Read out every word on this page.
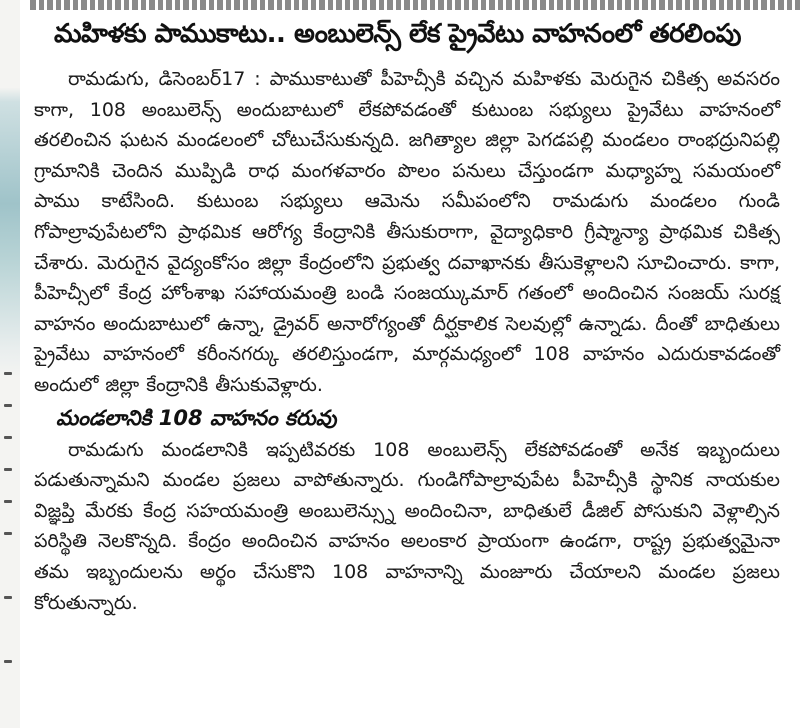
మహిళకు పాముకాటు.. అంబులెన్స్ లేక ప్రైవేటు వాహనంలో తరలింపు

రామడుగు, డిసెంబర్17 : పాముకాటుతో పీహెచ్సీకి వచ్చిన మహిళకు మెరుగైన చికిత్స అవసరం కాగా, 108 అంబులెన్స్ అందుబాటులో లేకపోవడంతో కుటుంబ సభ్యులు ప్రైవేటు వాహనంలో తరలించిన ఘటన మండలంలో చోటుచేసుకున్నది. జగిత్యాల జిల్లా పెగడపల్లి మండలం రాంభద్రునిపల్లి గ్రామానికి చెందిన ముప్పిడి రాధ మంగళవారం పొలం పనులు చేస్తుండగా మధ్యాహ్న సమయంలో పాము కాటేసింది. కుటుంబ సభ్యులు ఆమెను సమీపంలోని రామడుగు మండలం గుండి గోపాల్రావుపేటలోని ప్రాథమిక ఆరోగ్య కేంద్రానికి తీసుకురాగా, వైద్యాధికారి గ్రీష్మాన్యా ప్రాథమిక చికిత్స చేశారు. మెరుగైన వైద్యంకోసం జిల్లా కేంద్రంలోని ప్రభుత్వ దవాఖానకు తీసుకెళ్లాలని సూచించారు. కాగా, పీహెచ్సీలో కేంద్ర హోంశాఖ సహాయమంత్రి బండి సంజయ్కుమార్ గతంలో అందించిన సంజయ్ సురక్ష వాహనం అందుబాటులో ఉన్నా, డ్రైవర్ అనారోగ్యంతో దీర్ఘకాలిక సెలవుల్లో ఉన్నాడు. దీంతో బాధితులు ప్రైవేటు వాహనంలో కరీంనగర్కు తరలిస్తుండగా, మార్గమధ్యంలో 108 వాహనం ఎదురుకావడంతో అందులో జిల్లా కేంద్రానికి తీసుకువెళ్లారు.

మండలానికి 108 వాహనం కరువు

రామడుగు మండలానికి ఇప్పటివరకు 108 అంబులెన్స్ లేకపోవడంతో అనేక ఇబ్బందులు పడుతున్నామని మండల ప్రజలు వాపోతున్నారు. గుండిగోపాల్రావుపేట పీహెచ్సీకి స్థానిక నాయకుల విజ్ఞప్తి మేరకు కేంద్ర సహయమంత్రి అంబులెన్స్ను అందించినా, బాధితులే డీజిల్ పోసుకుని వెళ్లాల్సిన పరిస్థితి నెలకొన్నది. కేంద్రం అందించిన వాహనం అలంకార ప్రాయంగా ఉండగా, రాష్ట్ర ప్రభుత్వమైనా తమ ఇబ్బందులను అర్థం చేసుకొని 108 వాహనాన్ని మంజూరు చేయాలని మండల ప్రజలు కోరుతున్నారు.
